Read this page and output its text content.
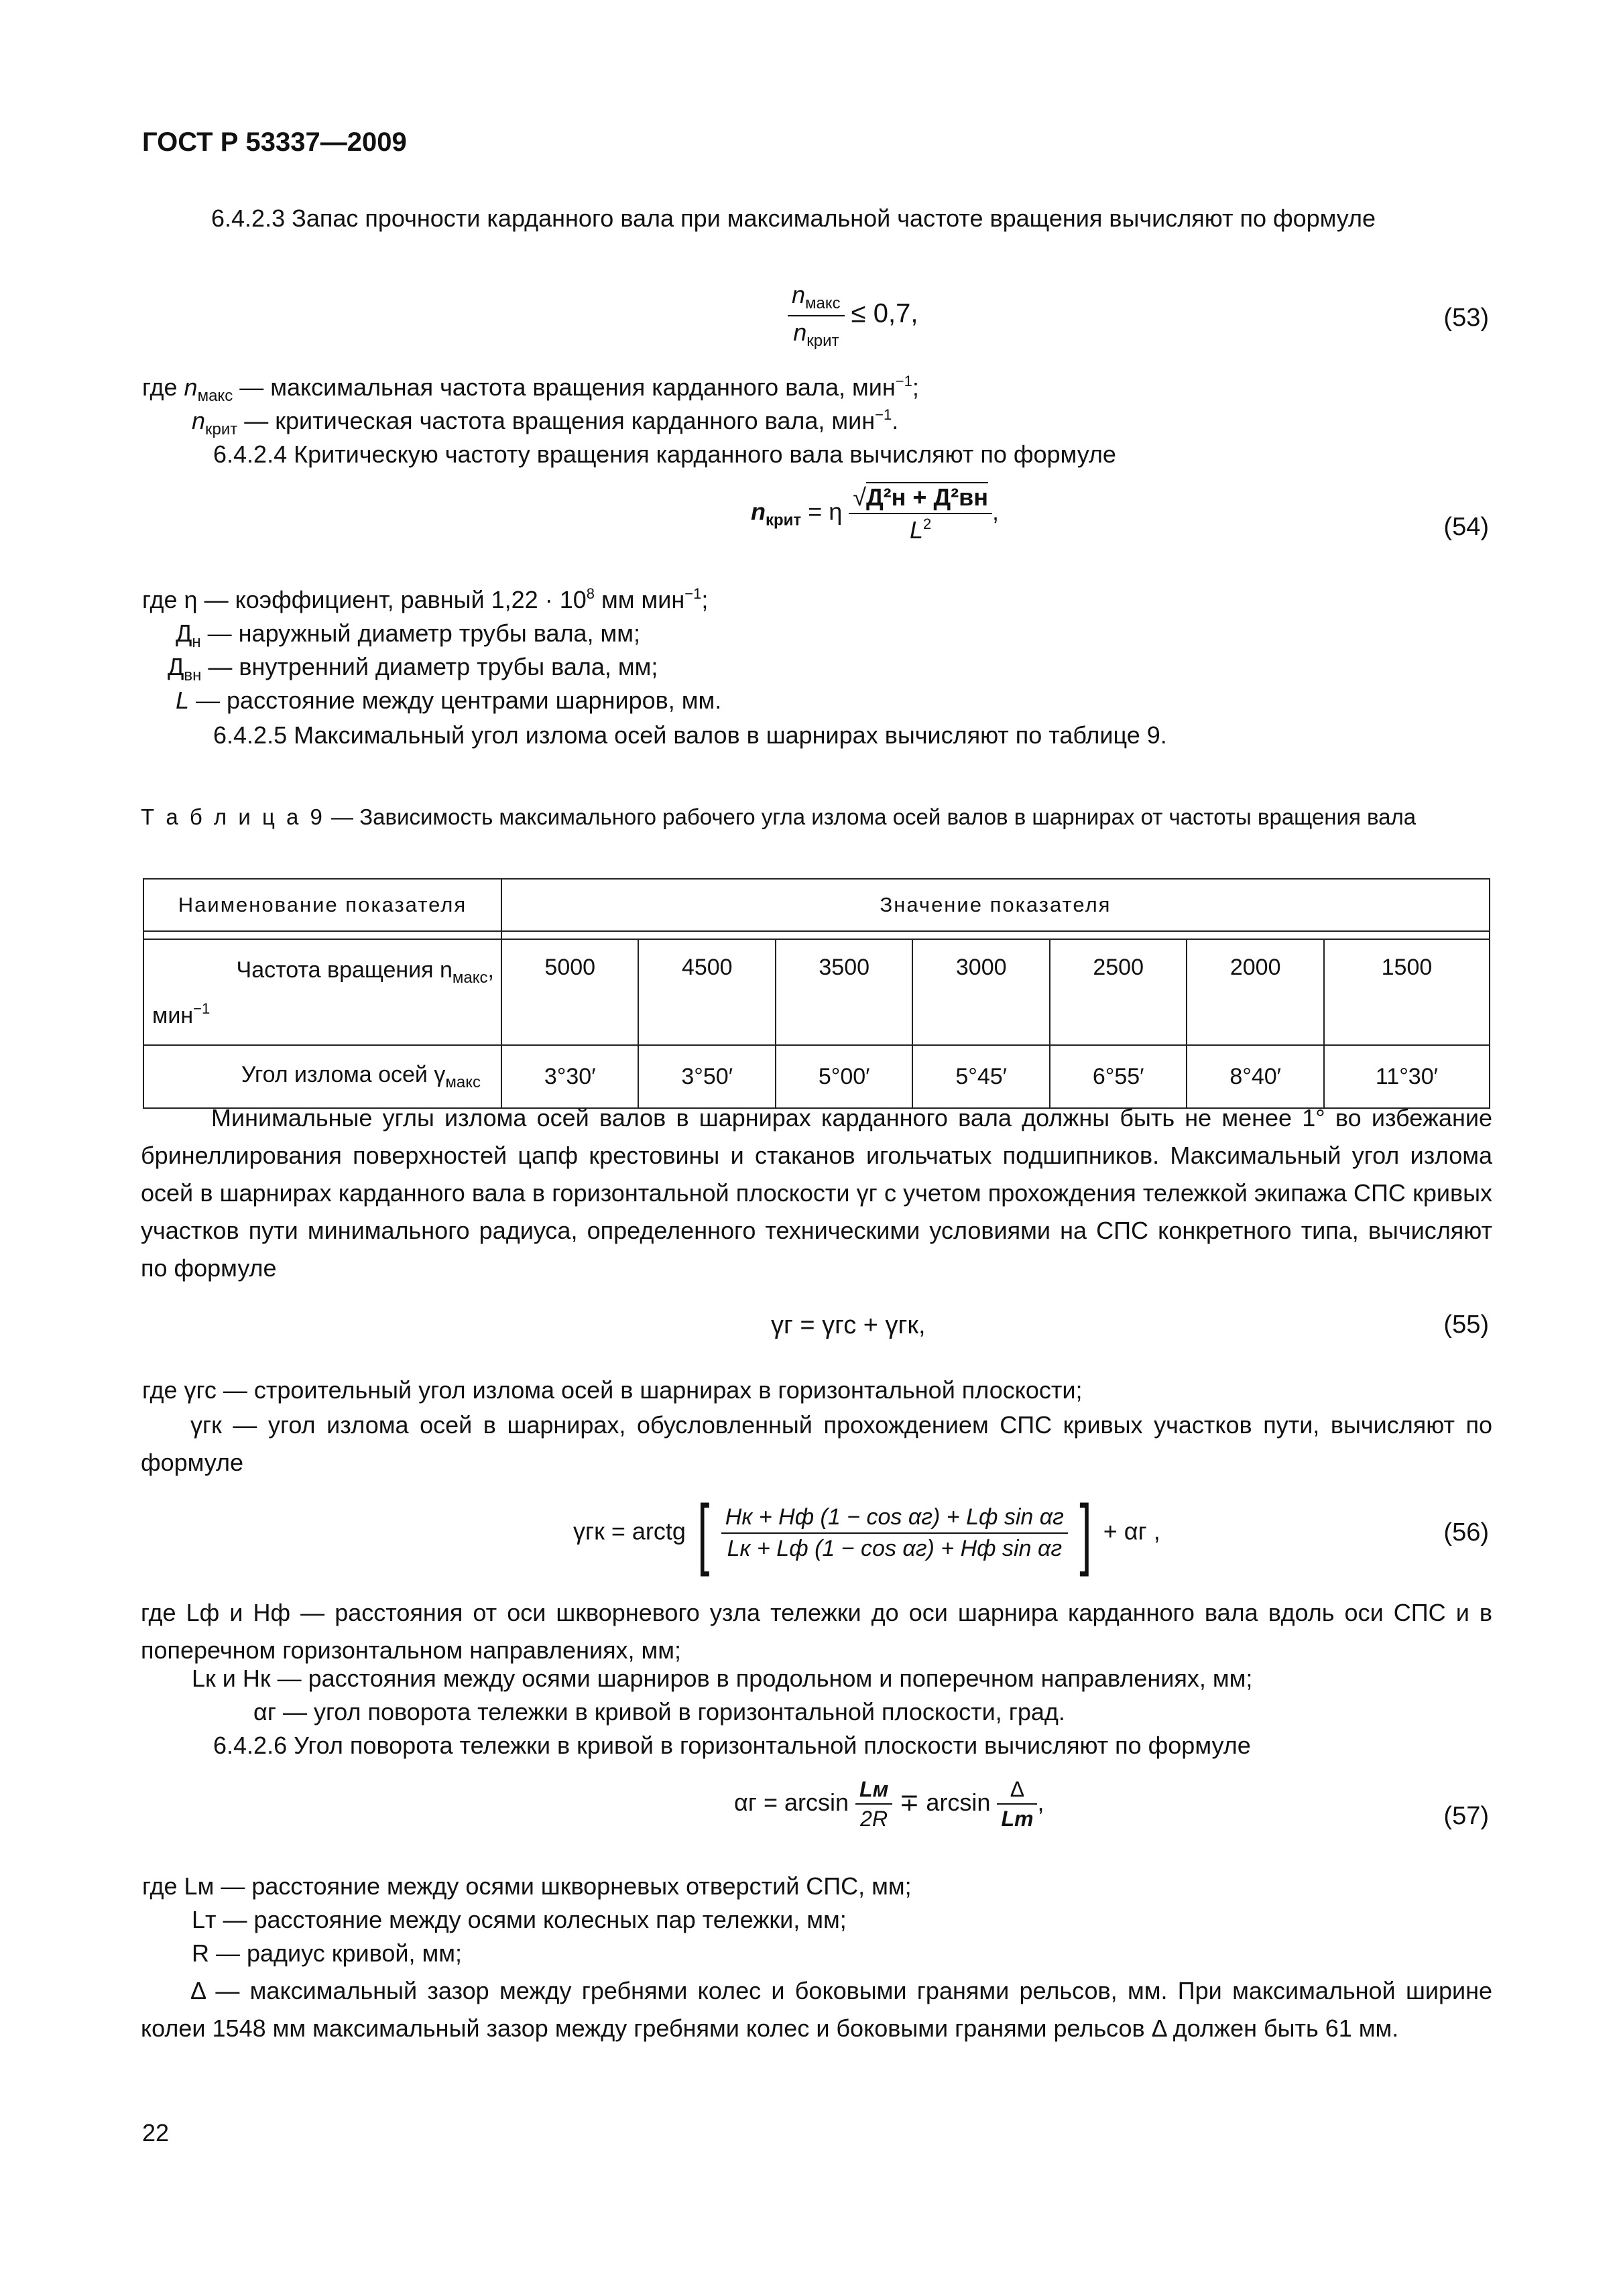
ГОСТ Р 53337—2009
6.4.2.3 Запас прочности карданного вала при максимальной частоте вращения вычисляют по формуле
$\frac{n_{макс}}{n_{крит}} \le 0,7$,	(53)
где $n_{макс}$ — максимальная частота вращения карданного вала, мин$^{-1}$;
$n_{крит}$ — критическая частота вращения карданного вала, мин$^{-1}$.
6.4.2.4 Критическую частоту вращения карданного вала вычисляют по формуле
$n_{крит} = \eta \frac{\text{√Д²н + Д²вн}}{L^2}$ ,
(54)
где η — коэффициент, равный $1,22 \cdot 10^8$ мм мин$^{-1}$;
$Д_н$ — наружный диаметр трубы вала, мм;
$Д_{вн}$ — внутренний диаметр трубы вала, мм;
L — расстояние между центрами шарниров, мм.
6.4.2.5 Максимальный угол излома осей валов в шарнирах вычисляют по таблице 9.
Т а б л и ц а 9 — Зависимость максимального рабочего угла излома осей валов в шарнирах от частоты вращения вала
Наименование показателя	Значение показателя						

Частота вращения $n_{макс}$,
мин$^{-1}$	5000	4500	3500	3000	2500	2000	1500
Угол излома осей $\gamma_{макс}$	3°30′	3°50′	5°00′	5°45′	6°55′	8°40′	11°30′
Минимальные углы излома осей валов в шарнирах карданного вала должны быть не менее 1° во избежание бринеллирования поверхностей цапф крестовины и стаканов игольчатых подшипников. Максимальный угол излома осей в шарнирах карданного вала в горизонтальной плоскости γг с учетом прохождения тележкой экипажа СПС кривых участков пути минимального радиуса, определенного техническими условиями на СПС конкретного типа, вычисляют по формуле
γг = γгс + γгк,	(55)
где γгс — строительный угол излома осей в шарнирах в горизонтальной плоскости;
γгк — угол излома осей в шарнирах, обусловленный прохождением СПС кривых участков пути, вычисляют по формуле
γгк = arctg [ $\frac{\text{Hк + Hф (1 − cos αг) + Lф sin αг}}{\text{Lк + Lф (1 − cos αг) + Hф sin αг}}$ ] + αг ,	(56)
где Lф и Hф — расстояния от оси шкворневого узла тележки до оси шарнира карданного вала вдоль оси СПС и в поперечном горизонтальном направлениях, мм;
Lк и Hк — расстояния между осями шарниров в продольном и поперечном направлениях, мм;
αг — угол поворота тележки в кривой в горизонтальной плоскости, град.
6.4.2.6 Угол поворота тележки в кривой в горизонтальной плоскости вычисляют по формуле
$\alpha г = \arcsin \frac{Lм}{2R} \mp \arcsin \frac{\Delta}{Lт}$ ,	(57)
где Lм — расстояние между осями шкворневых отверстий СПС, мм;
Lт — расстояние между осями колесных пар тележки, мм;
R — радиус кривой, мм;
Δ — максимальный зазор между гребнями колес и боковыми гранями рельсов, мм. При максимальной ширине колеи 1548 мм максимальный зазор между гребнями колес и боковыми гранями рельсов Δ должен быть 61 мм.
22
